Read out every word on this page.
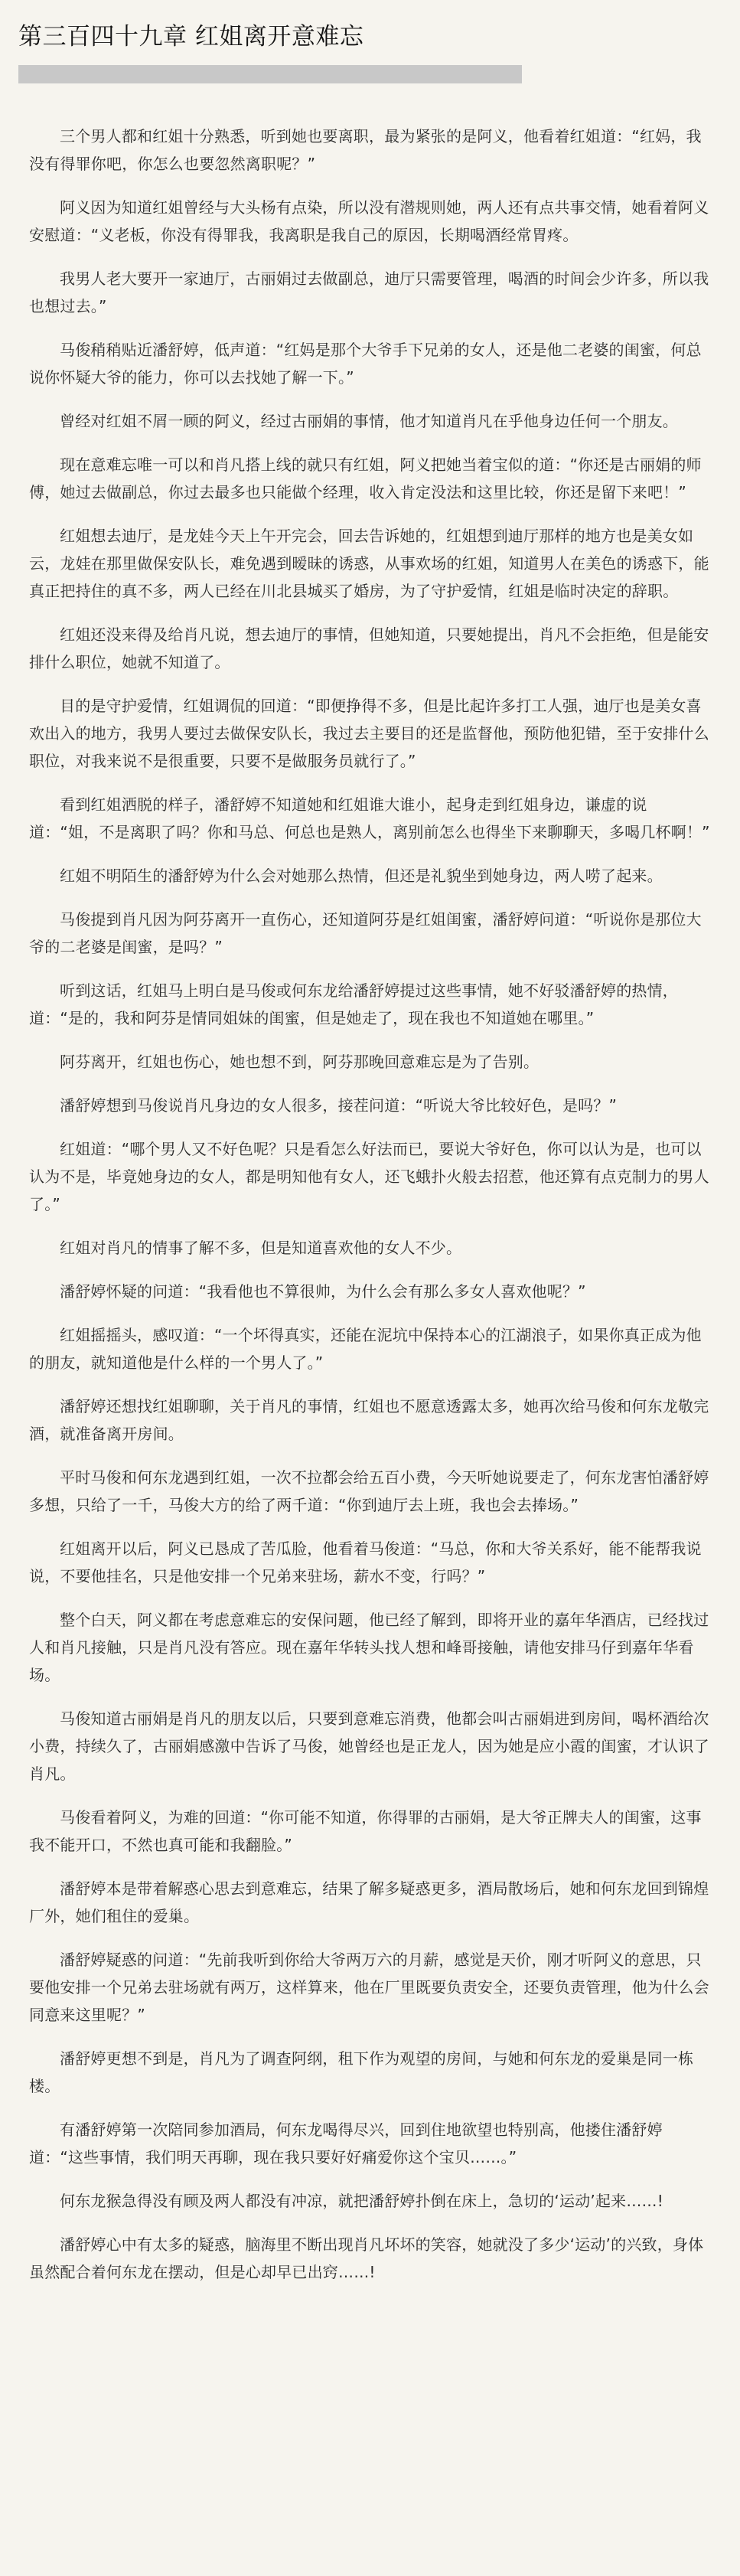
第三百四十九章 红姐离开意难忘

三个男人都和红姐十分熟悉，听到她也要离职，最为紧张的是阿义，他看着红姐道：“红妈，我没有得罪你吧，你怎么也要忽然离职呢？”

阿义因为知道红姐曾经与大头杨有点染，所以没有潜规则她，两人还有点共事交情，她看着阿义安慰道：“义老板，你没有得罪我，我离职是我自己的原因，长期喝酒经常胃疼。

我男人老大要开一家迪厅，古丽娟过去做副总，迪厅只需要管理，喝酒的时间会少许多，所以我也想过去。”

马俊稍稍贴近潘舒婷，低声道：“红妈是那个大爷手下兄弟的女人，还是他二老婆的闺蜜，何总说你怀疑大爷的能力，你可以去找她了解一下。”

曾经对红姐不屑一顾的阿义，经过古丽娟的事情，他才知道肖凡在乎他身边任何一个朋友。

现在意难忘唯一可以和肖凡搭上线的就只有红姐，阿义把她当着宝似的道：“你还是古丽娟的师傅，她过去做副总，你过去最多也只能做个经理，收入肯定没法和这里比较，你还是留下来吧！”

红姐想去迪厅，是龙娃今天上午开完会，回去告诉她的，红姐想到迪厅那样的地方也是美女如云，龙娃在那里做保安队长，难免遇到暧昧的诱惑，从事欢场的红姐，知道男人在美色的诱惑下，能真正把持住的真不多，两人已经在川北县城买了婚房，为了守护爱情，红姐是临时决定的辞职。

红姐还没来得及给肖凡说，想去迪厅的事情，但她知道，只要她提出，肖凡不会拒绝，但是能安排什么职位，她就不知道了。

目的是守护爱情，红姐调侃的回道：“即便挣得不多，但是比起许多打工人强，迪厅也是美女喜欢出入的地方，我男人要过去做保安队长，我过去主要目的还是监督他，预防他犯错，至于安排什么职位，对我来说不是很重要，只要不是做服务员就行了。”

看到红姐洒脱的样子，潘舒婷不知道她和红姐谁大谁小，起身走到红姐身边，谦虚的说道：“姐，不是离职了吗？你和马总、何总也是熟人，离别前怎么也得坐下来聊聊天，多喝几杯啊！”

红姐不明陌生的潘舒婷为什么会对她那么热情，但还是礼貌坐到她身边，两人唠了起来。

马俊提到肖凡因为阿芬离开一直伤心，还知道阿芬是红姐闺蜜，潘舒婷问道：“听说你是那位大爷的二老婆是闺蜜，是吗？”

听到这话，红姐马上明白是马俊或何东龙给潘舒婷提过这些事情，她不好驳潘舒婷的热情，道：“是的，我和阿芬是情同姐妹的闺蜜，但是她走了，现在我也不知道她在哪里。”

阿芬离开，红姐也伤心，她也想不到，阿芬那晚回意难忘是为了告别。

潘舒婷想到马俊说肖凡身边的女人很多，接茬问道：“听说大爷比较好色，是吗？”

红姐道：“哪个男人又不好色呢？只是看怎么好法而已，要说大爷好色，你可以认为是，也可以认为不是，毕竟她身边的女人，都是明知他有女人，还飞蛾扑火般去招惹，他还算有点克制力的男人了。”

红姐对肖凡的情事了解不多，但是知道喜欢他的女人不少。

潘舒婷怀疑的问道：“我看他也不算很帅，为什么会有那么多女人喜欢他呢？”

红姐摇摇头，感叹道：“一个坏得真实，还能在泥坑中保持本心的江湖浪子，如果你真正成为他的朋友，就知道他是什么样的一个男人了。”

潘舒婷还想找红姐聊聊，关于肖凡的事情，红姐也不愿意透露太多，她再次给马俊和何东龙敬完酒，就准备离开房间。

平时马俊和何东龙遇到红姐，一次不拉都会给五百小费，今天听她说要走了，何东龙害怕潘舒婷多想，只给了一千，马俊大方的给了两千道：“你到迪厅去上班，我也会去捧场。”

红姐离开以后，阿义已恳成了苦瓜脸，他看着马俊道：“马总，你和大爷关系好，能不能帮我说说，不要他挂名，只是他安排一个兄弟来驻场，薪水不变，行吗？”

整个白天，阿义都在考虑意难忘的安保问题，他已经了解到，即将开业的嘉年华酒店，已经找过人和肖凡接触，只是肖凡没有答应。现在嘉年华转头找人想和峰哥接触，请他安排马仔到嘉年华看场。

马俊知道古丽娟是肖凡的朋友以后，只要到意难忘消费，他都会叫古丽娟进到房间，喝杯酒给次小费，持续久了，古丽娟感激中告诉了马俊，她曾经也是正龙人，因为她是应小霞的闺蜜，才认识了肖凡。

马俊看着阿义，为难的回道：“你可能不知道，你得罪的古丽娟，是大爷正牌夫人的闺蜜，这事我不能开口，不然也真可能和我翻脸。”

潘舒婷本是带着解惑心思去到意难忘，结果了解多疑惑更多，酒局散场后，她和何东龙回到锦煌厂外，她们租住的爱巢。

潘舒婷疑惑的问道：“先前我听到你给大爷两万六的月薪，感觉是天价，刚才听阿义的意思，只要他安排一个兄弟去驻场就有两万，这样算来，他在厂里既要负责安全，还要负责管理，他为什么会同意来这里呢？”

潘舒婷更想不到是，肖凡为了调查阿纲，租下作为观望的房间，与她和何东龙的爱巢是同一栋楼。

有潘舒婷第一次陪同参加酒局，何东龙喝得尽兴，回到住地欲望也特别高，他搂住潘舒婷道：“这些事情，我们明天再聊，现在我只要好好痛爱你这个宝贝……。”

何东龙猴急得没有顾及两人都没有冲凉，就把潘舒婷扑倒在床上，急切的‘运动’起来……!

潘舒婷心中有太多的疑惑，脑海里不断出现肖凡坏坏的笑容，她就没了多少‘运动’的兴致，身体虽然配合着何东龙在摆动，但是心却早已出窍……!
